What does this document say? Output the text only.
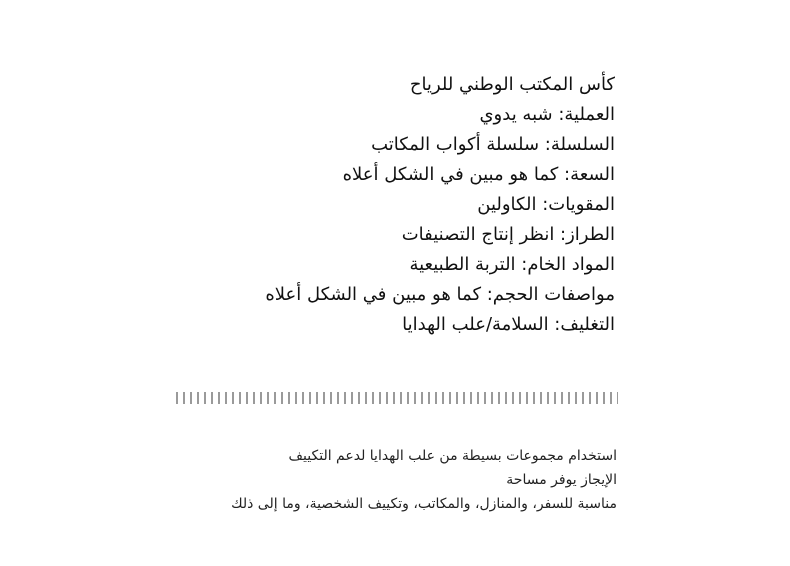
كأس المكتب الوطني للرياح
العملية: شبه يدوي
السلسلة: سلسلة أكواب المكاتب
السعة: كما هو مبين في الشكل أعلاه
المقويات: الكاولين
الطراز: انظر إنتاج التصنيفات
المواد الخام: التربة الطبيعية
مواصفات الحجم: كما هو مبين في الشكل أعلاه
التغليف: السلامة/علب الهدايا
استخدام مجموعات بسيطة من علب الهدايا لدعم التكييف
الإيجاز يوفر مساحة
مناسبة للسفر، والمنازل، والمكاتب، وتكييف الشخصية، وما إلى ذلك
